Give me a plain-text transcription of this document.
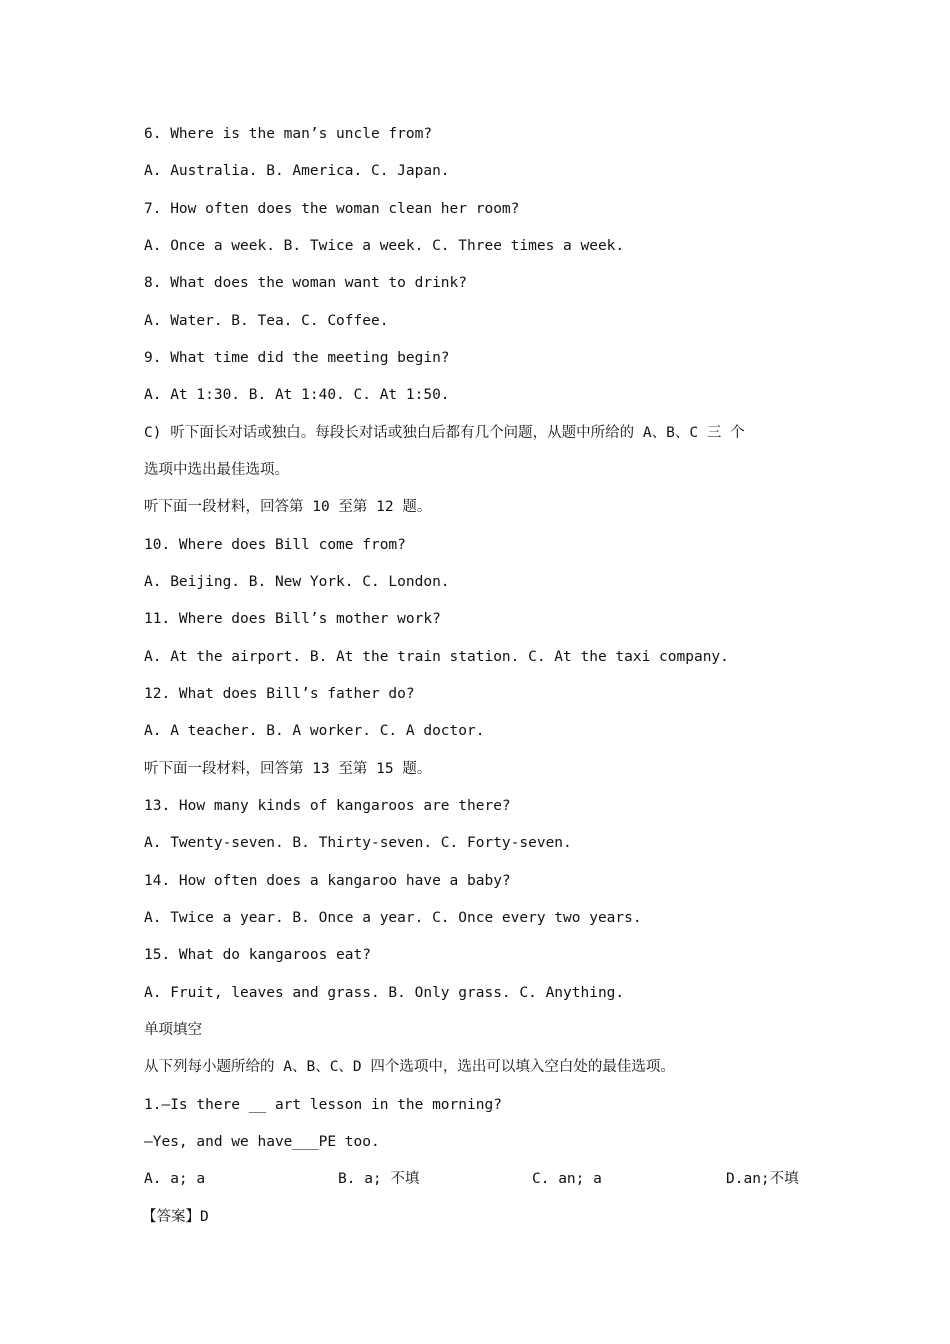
6. Where is the man’s uncle from?
A. Australia. B. America. C. Japan.
7. How often does the woman clean her room?
A. Once a week. B. Twice a week. C. Three times a week.
8. What does the woman want to drink?
A. Water. B. Tea. C. Coffee.
9. What time did the meeting begin?
A. At 1:30. B. At 1:40. C. At 1:50.
C) 听下面长对话或独白。每段长对话或独白后都有几个问题，从题中所给的 A、B、C 三 个
选项中选出最佳选项。
听下面一段材料，回答第 10 至第 12 题。
10. Where does Bill come from?
A. Beijing. B. New York. C. London.
11. Where does Bill’s mother work?
A. At the airport. B. At the train station. C. At the taxi company.
12. What does Bill’s father do?
A. A teacher. B. A worker. C. A doctor.
听下面一段材料，回答第 13 至第 15 题。
13. How many kinds of kangaroos are there?
A. Twenty-seven. B. Thirty-seven. C. Forty-seven.
14. How often does a kangaroo have a baby?
A. Twice a year. B. Once a year. C. Once every two years.
15. What do kangaroos eat?
A. Fruit, leaves and grass. B. Only grass. C. Anything.
单项填空
从下列每小题所给的 A、B、C、D 四个选项中，选出可以填入空白处的最佳选项。
1.—Is there __ art lesson in the morning?
—Yes, and we have___PE too.
A. a; a	B. a; 不填	C. an; a	D.an;不填
【答案】D
